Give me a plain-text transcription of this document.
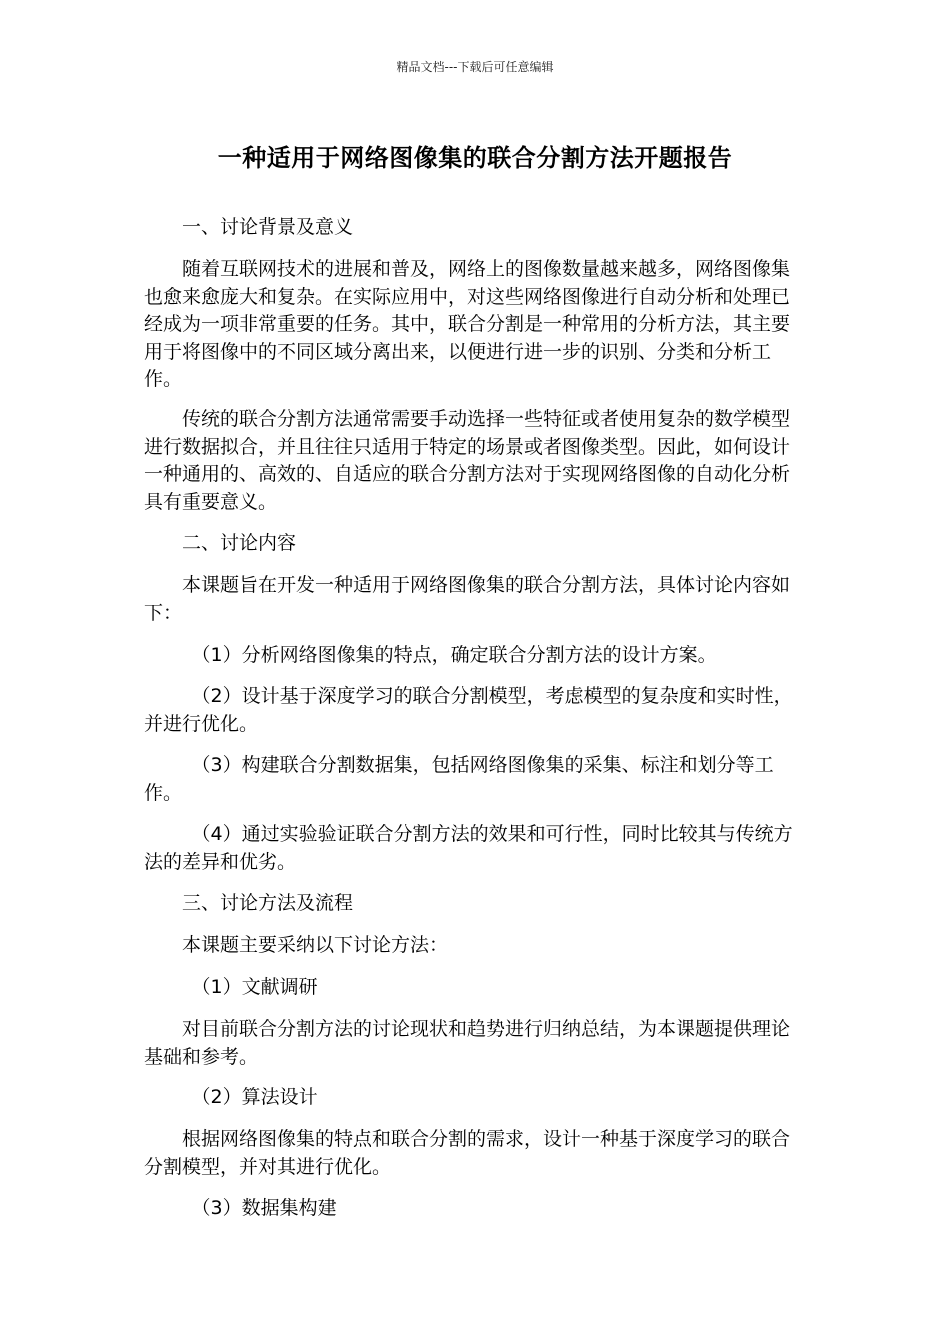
精品文档---下载后可任意编辑
一种适用于网络图像集的联合分割方法开题报告

一、讨论背景及意义

随着互联网技术的进展和普及，网络上的图像数量越来越多，网络图像集也愈来愈庞大和复杂。在实际应用中，对这些网络图像进行自动分析和处理已经成为一项非常重要的任务。其中，联合分割是一种常用的分析方法，其主要用于将图像中的不同区域分离出来，以便进行进一步的识别、分类和分析工作。

传统的联合分割方法通常需要手动选择一些特征或者使用复杂的数学模型进行数据拟合，并且往往只适用于特定的场景或者图像类型。因此，如何设计一种通用的、高效的、自适应的联合分割方法对于实现网络图像的自动化分析具有重要意义。

二、讨论内容

本课题旨在开发一种适用于网络图像集的联合分割方法，具体讨论内容如下：

（1）分析网络图像集的特点，确定联合分割方法的设计方案。

（2）设计基于深度学习的联合分割模型，考虑模型的复杂度和实时性，并进行优化。

（3）构建联合分割数据集，包括网络图像集的采集、标注和划分等工作。

（4）通过实验验证联合分割方法的效果和可行性，同时比较其与传统方法的差异和优劣。

三、讨论方法及流程

本课题主要采纳以下讨论方法：

（1）文献调研

对目前联合分割方法的讨论现状和趋势进行归纳总结，为本课题提供理论基础和参考。

（2）算法设计

根据网络图像集的特点和联合分割的需求，设计一种基于深度学习的联合分割模型，并对其进行优化。

（3）数据集构建
